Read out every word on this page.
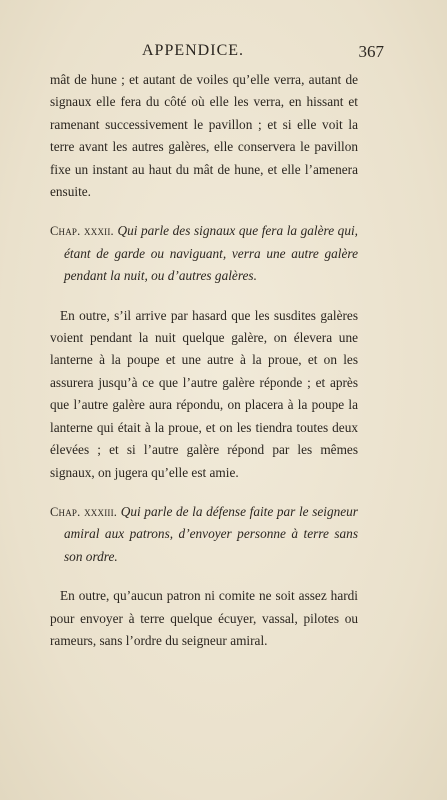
APPENDICE.	367

mât de hune ; et autant de voiles qu’elle verra, autant de signaux elle fera du côté où elle les verra, en hissant et ramenant successivement le pavillon ; et si elle voit la terre avant les autres galères, elle conservera le pavillon fixe un instant au haut du mât de hune, et elle l’amenera ensuite.

Chap. xxxii. Qui parle des signaux que fera la galère qui, étant de garde ou naviguant, verra une autre galère pendant la nuit, ou d’autres galères.

En outre, s’il arrive par hasard que les susdites galères voient pendant la nuit quelque galère, on élevera une lanterne à la poupe et une autre à la proue, et on les assurera jusqu’à ce que l’autre galère réponde ; et après que l’autre galère aura répondu, on placera à la poupe la lanterne qui était à la proue, et on les tiendra toutes deux élevées ; et si l’autre galère répond par les mêmes signaux, on jugera qu’elle est amie.

Chap. xxxiii. Qui parle de la défense faite par le seigneur amiral aux patrons, d’envoyer personne à terre sans son ordre.

En outre, qu’aucun patron ni comite ne soit assez hardi pour envoyer à terre quelque écuyer, vassal, pilotes ou rameurs, sans l’ordre du seigneur amiral.
